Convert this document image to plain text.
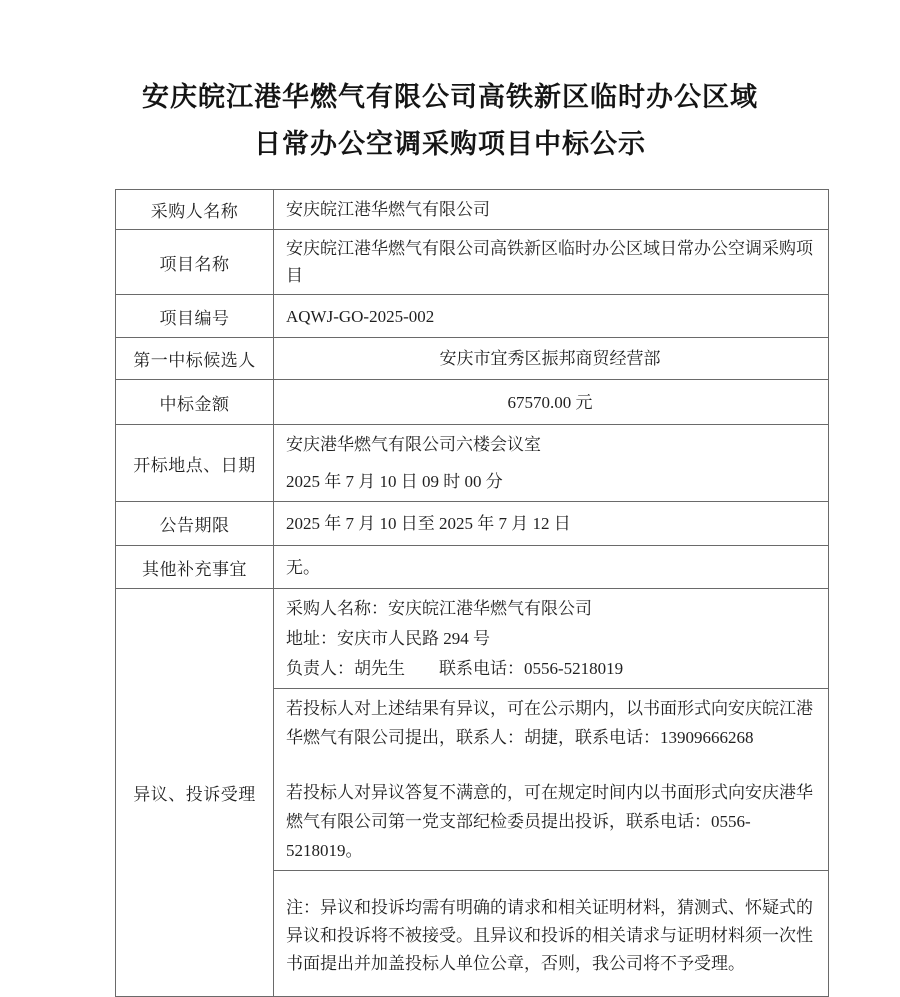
安庆皖江港华燃气有限公司高铁新区临时办公区域
日常办公空调采购项目中标公示
采购人名称	安庆皖江港华燃气有限公司
项目名称	安庆皖江港华燃气有限公司高铁新区临时办公区域日常办公空调采购项目
项目编号	AQWJ-GO-2025-002
第一中标候选人	安庆市宜秀区振邦商贸经营部
中标金额	67570.00 元
开标地点、日期	安庆港华燃气有限公司六楼会议室
2025 年 7 月 10 日 09 时 00 分

公告期限	2025 年 7 月 10 日至 2025 年 7 月 12 日
其他补充事宜	无。
异议、投诉受理	采购人名称：安庆皖江港华燃气有限公司
地址：安庆市人民路 294 号
负责人：胡先生　　联系电话：0556-5218019

	若投标人对上述结果有异议，可在公示期内，以书面形式向安庆皖江港华燃气有限公司提出，联系人：胡捷，联系电话：13909666268

若投标人对异议答复不满意的，可在规定时间内以书面形式向安庆港华燃气有限公司第一党支部纪检委员提出投诉，联系电话：0556-5218019。

	注：异议和投诉均需有明确的请求和相关证明材料，猜测式、怀疑式的异议和投诉将不被接受。且异议和投诉的相关请求与证明材料须一次性书面提出并加盖投标人单位公章，否则，我公司将不予受理。
